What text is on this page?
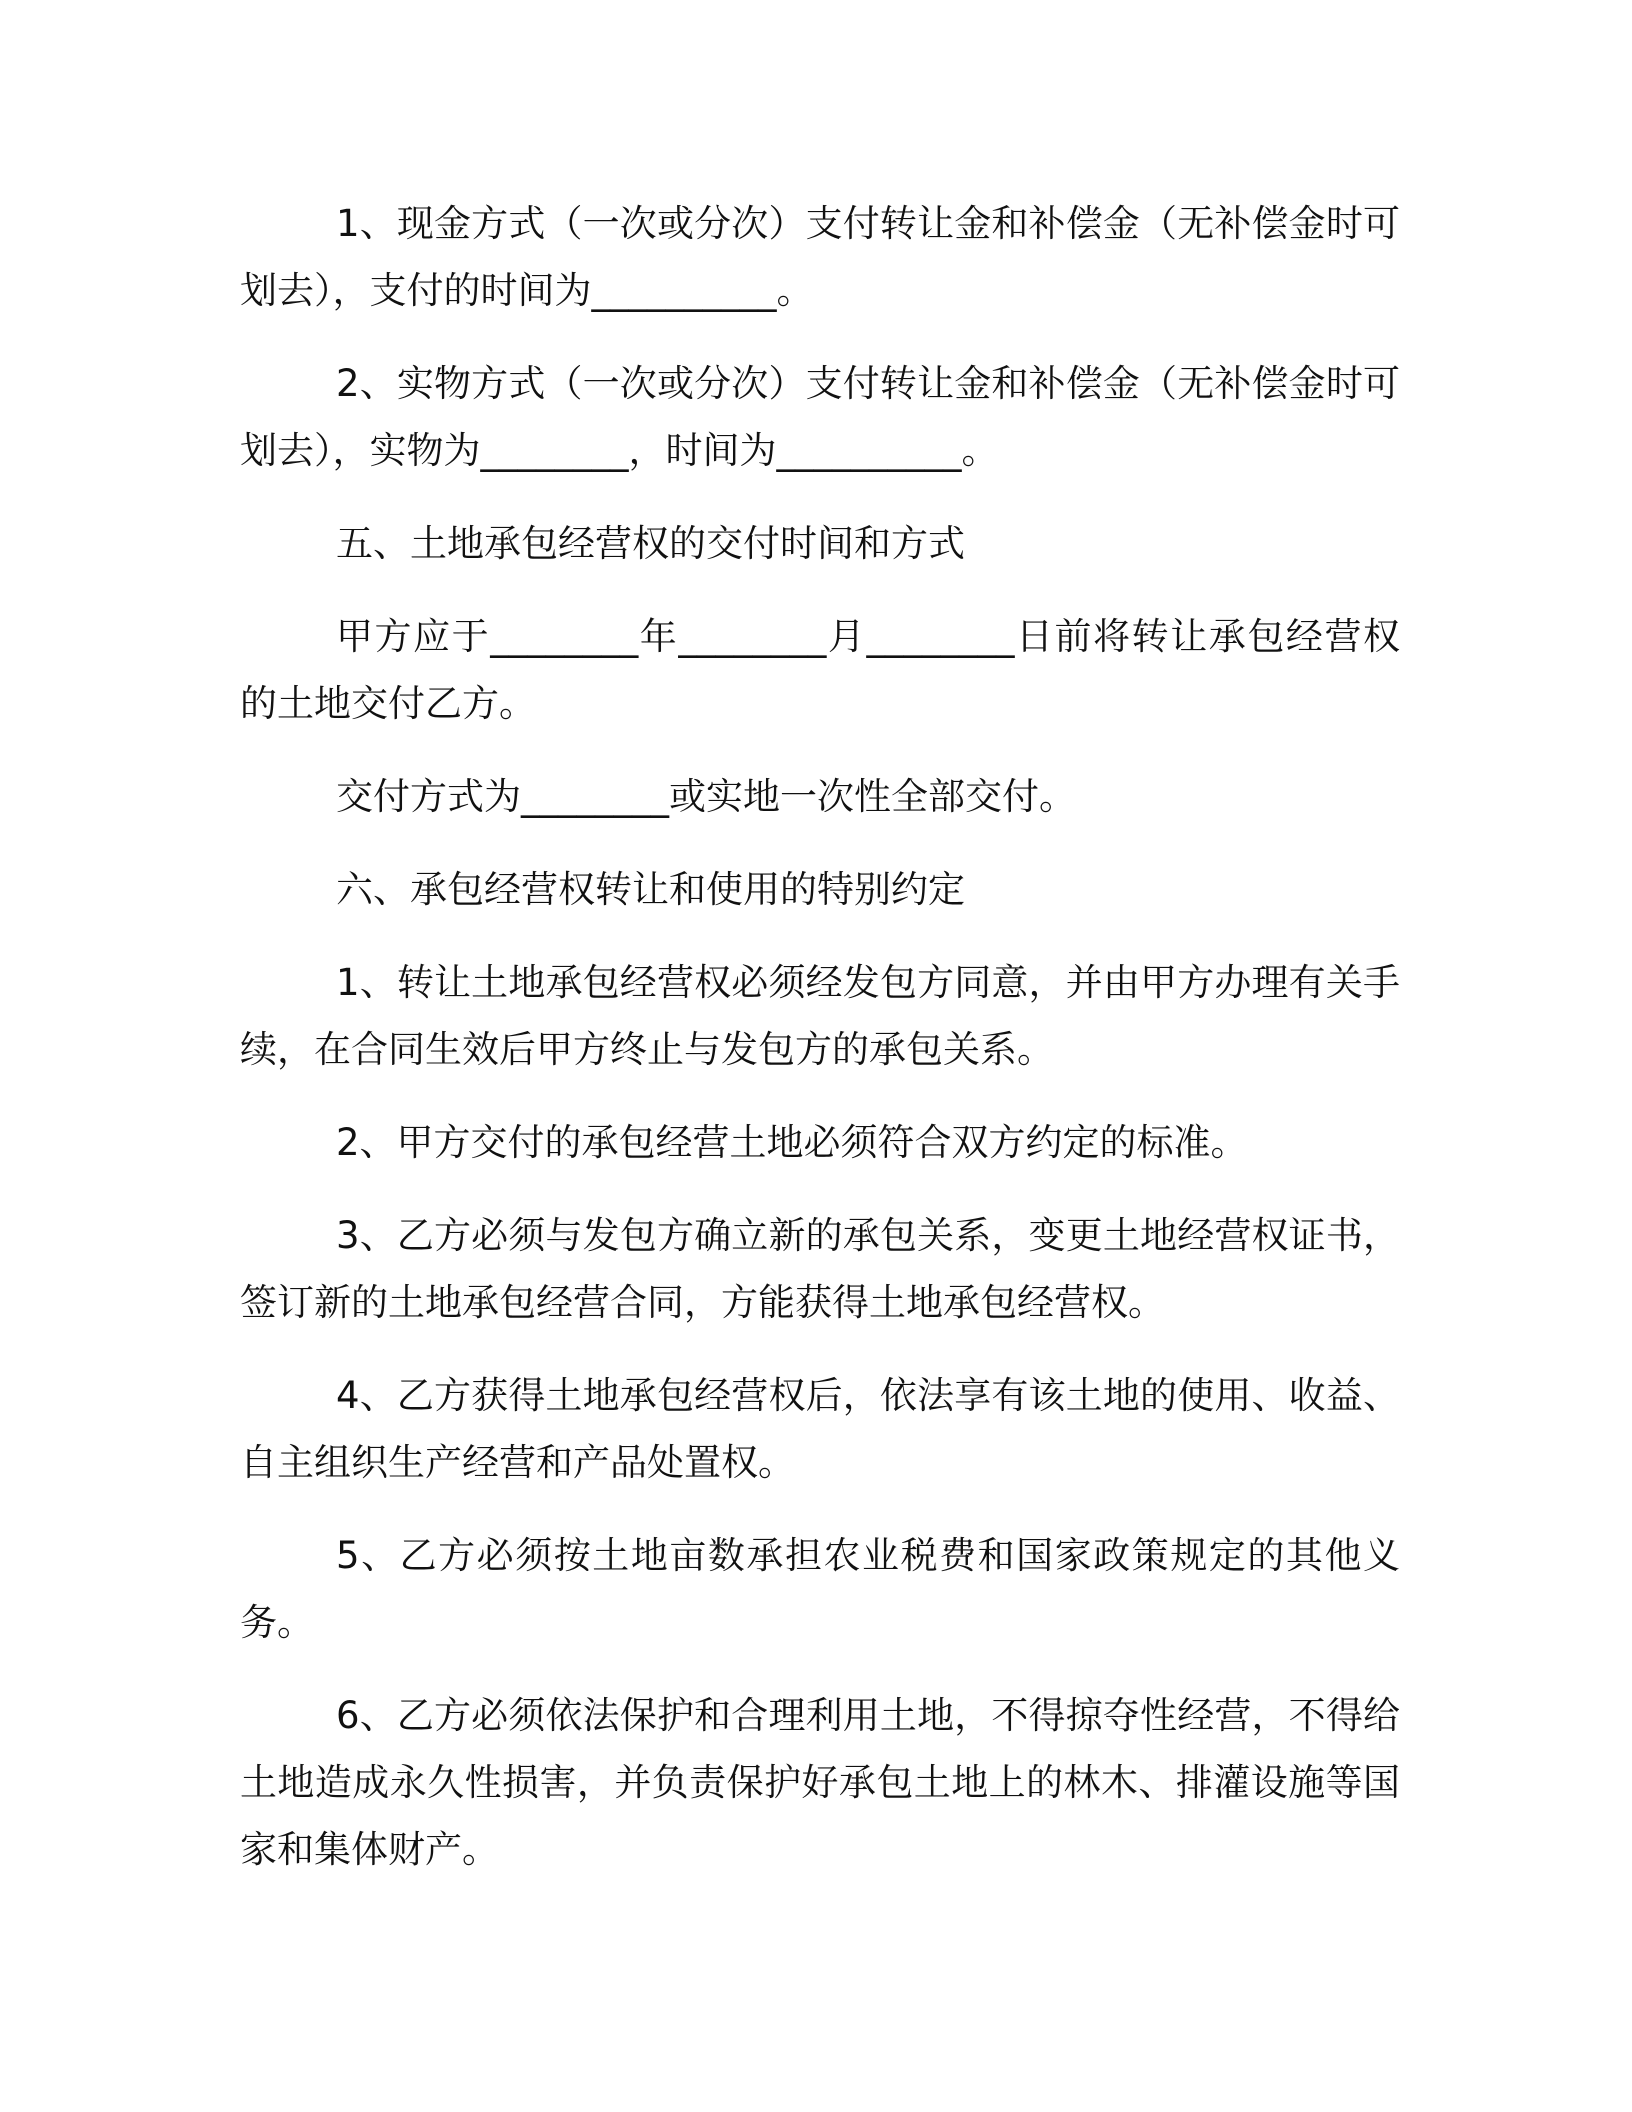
1、现金方式（一次或分次）支付转让金和补偿金（无补偿金时可划去），支付的时间为__________。

2、实物方式（一次或分次）支付转让金和补偿金（无补偿金时可划去），实物为________，时间为__________。

五、土地承包经营权的交付时间和方式

甲方应于________年________月________日前将转让承包经营权的土地交付乙方。

交付方式为________或实地一次性全部交付。

六、承包经营权转让和使用的特别约定

1、转让土地承包经营权必须经发包方同意，并由甲方办理有关手续，在合同生效后甲方终止与发包方的承包关系。

2、甲方交付的承包经营土地必须符合双方约定的标准。

3、乙方必须与发包方确立新的承包关系，变更土地经营权证书，签订新的土地承包经营合同，方能获得土地承包经营权。

4、乙方获得土地承包经营权后，依法享有该土地的使用、收益、自主组织生产经营和产品处置权。

5、乙方必须按土地亩数承担农业税费和国家政策规定的其他义务。

6、乙方必须依法保护和合理利用土地，不得掠夺性经营，不得给土地造成永久性损害，并负责保护好承包土地上的林木、排灌设施等国家和集体财产。
